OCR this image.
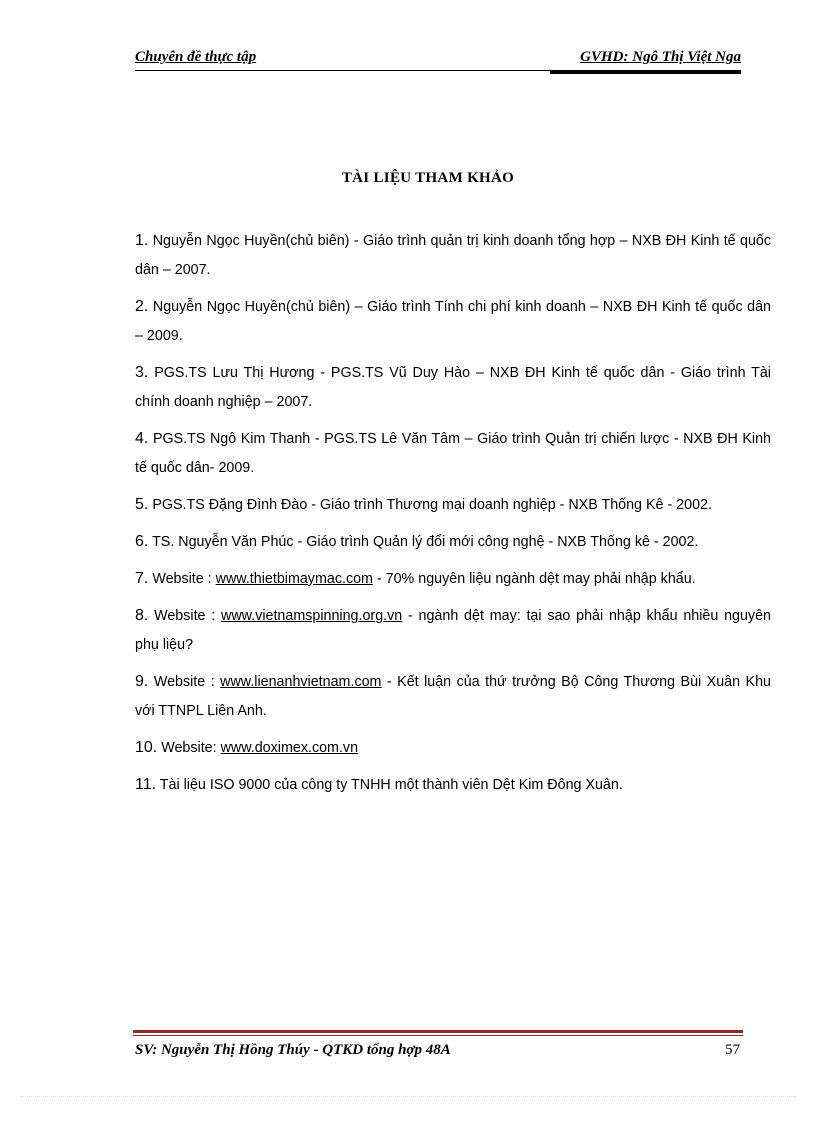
Chuyên đề thực tập	GVHD: Ngô Thị Việt Nga
TÀI LIỆU THAM KHẢO

1. Nguyễn Ngọc Huyền(chủ biên) - Giáo trình quản trị kinh doanh tổng hợp – NXB ĐH Kinh tế quốc dân – 2007.

2. Nguyễn Ngọc Huyền(chủ biên) – Giáo trình Tính chi phí kinh doanh – NXB ĐH Kinh tế quốc dân – 2009.

3. PGS.TS Lưu Thị Hương - PGS.TS Vũ Duy Hào – NXB ĐH Kinh tế quốc dân - Giáo trình Tài chính doanh nghiệp – 2007.

4. PGS.TS Ngô Kim Thanh - PGS.TS Lê Văn Tâm – Giáo trình Quản trị chiến lược - NXB ĐH Kinh tế quốc dân- 2009.

5. PGS.TS Đặng Đình Đào - Giáo trình Thương mại doanh nghiệp - NXB Thống Kê - 2002.

6. TS. Nguyễn Văn Phúc - Giáo trình Quản lý đổi mới công nghệ - NXB Thống kê - 2002.

7. Website : www.thietbimaymac.com - 70% nguyên liệu ngành dệt may phải nhập khẩu.

8. Website : www.vietnamspinning.org.vn - ngành dệt may: tại sao phải nhập khẩu nhiều nguyên phụ liệu?

9. Website : www.lienanhvietnam.com - Kết luận của thứ trưởng Bộ Công Thương Bùi Xuân Khu với TTNPL Liên Anh.

10. Website: www.doximex.com.vn

11. Tài liệu ISO 9000 của công ty TNHH một thành viên Dệt Kim Đông Xuân.

SV: Nguyễn Thị Hồng Thúy - QTKD tổng hợp 48A	57
